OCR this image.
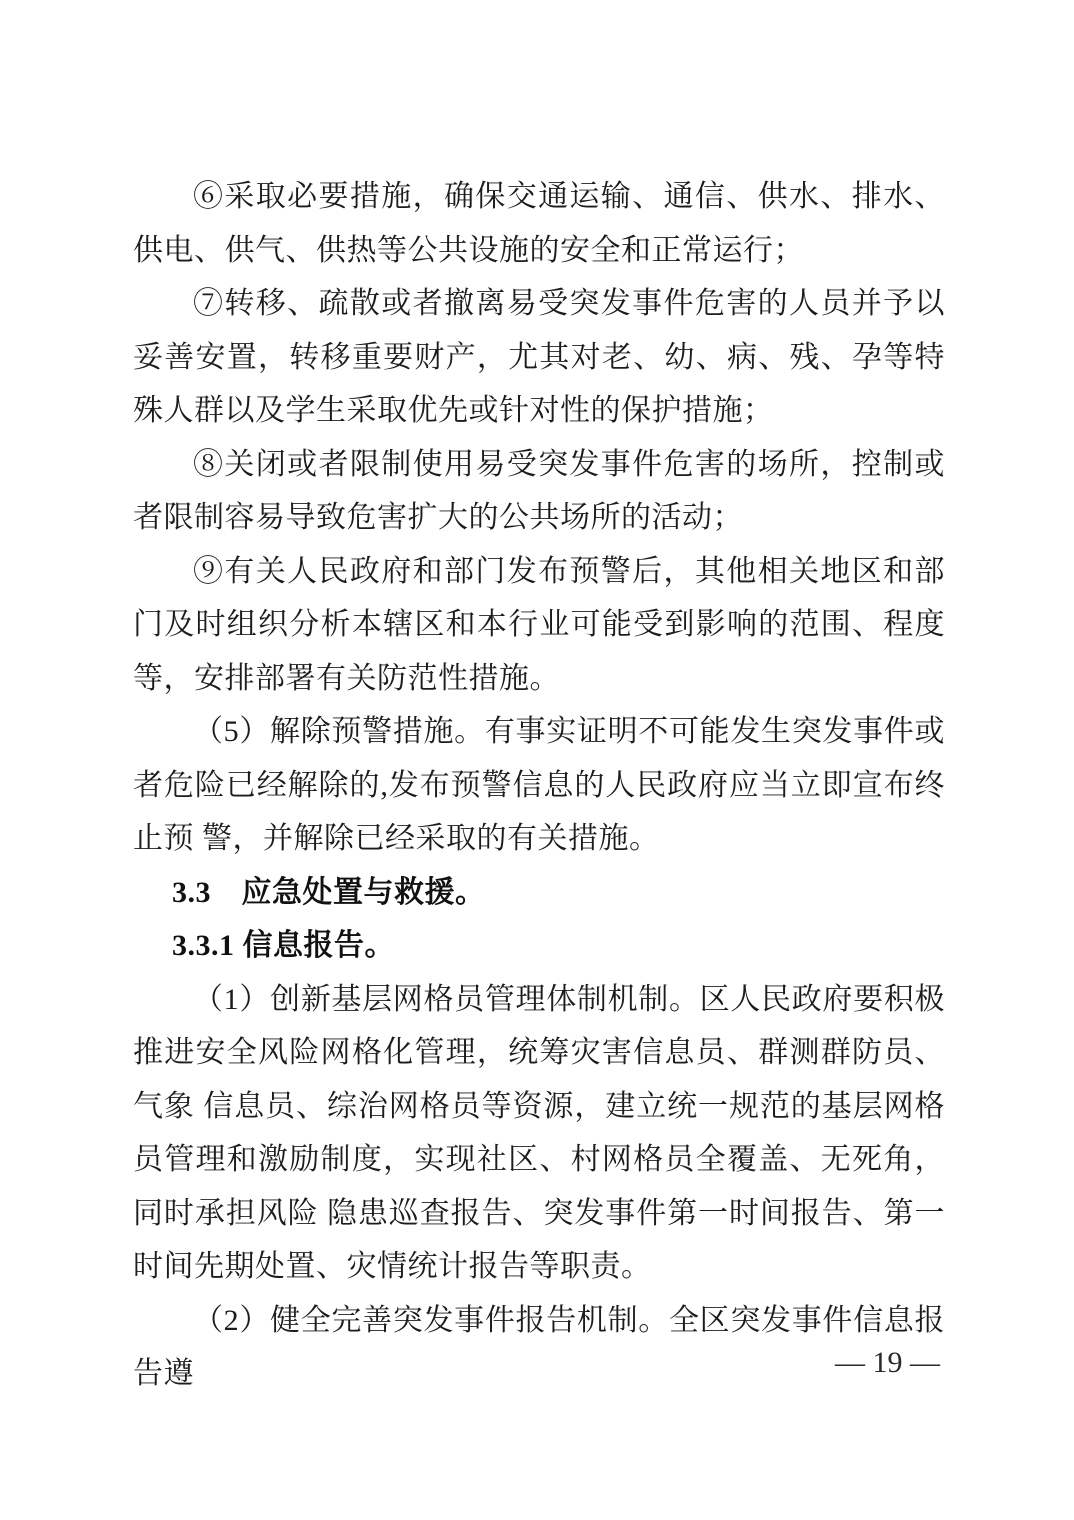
⑥采取必要措施，确保交通运输、通信、供水、排水、供电、供气、供热等公共设施的安全和正常运行；

⑦转移、疏散或者撤离易受突发事件危害的人员并予以妥善安置，转移重要财产，尤其对老、幼、病、残、孕等特殊人群以及学生采取优先或针对性的保护措施；

⑧关闭或者限制使用易受突发事件危害的场所，控制或者限制容易导致危害扩大的公共场所的活动；

⑨有关人民政府和部门发布预警后，其他相关地区和部门及时组织分析本辖区和本行业可能受到影响的范围、程度等，安排部署有关防范性措施。

（5）解除预警措施。有事实证明不可能发生突发事件或者危险已经解除的,发布预警信息的人民政府应当立即宣布终止预 警，并解除已经采取的有关措施。

3.3　应急处置与救援。

3.3.1 信息报告。

（1）创新基层网格员管理体制机制。区人民政府要积极推进安全风险网格化管理，统筹灾害信息员、群测群防员、气象 信息员、综治网格员等资源，建立统一规范的基层网格员管理和激励制度，实现社区、村网格员全覆盖、无死角，同时承担风险 隐患巡查报告、突发事件第一时间报告、第一时间先期处置、灾情统计报告等职责。

（2）健全完善突发事件报告机制。全区突发事件信息报告遵	— 19 —
